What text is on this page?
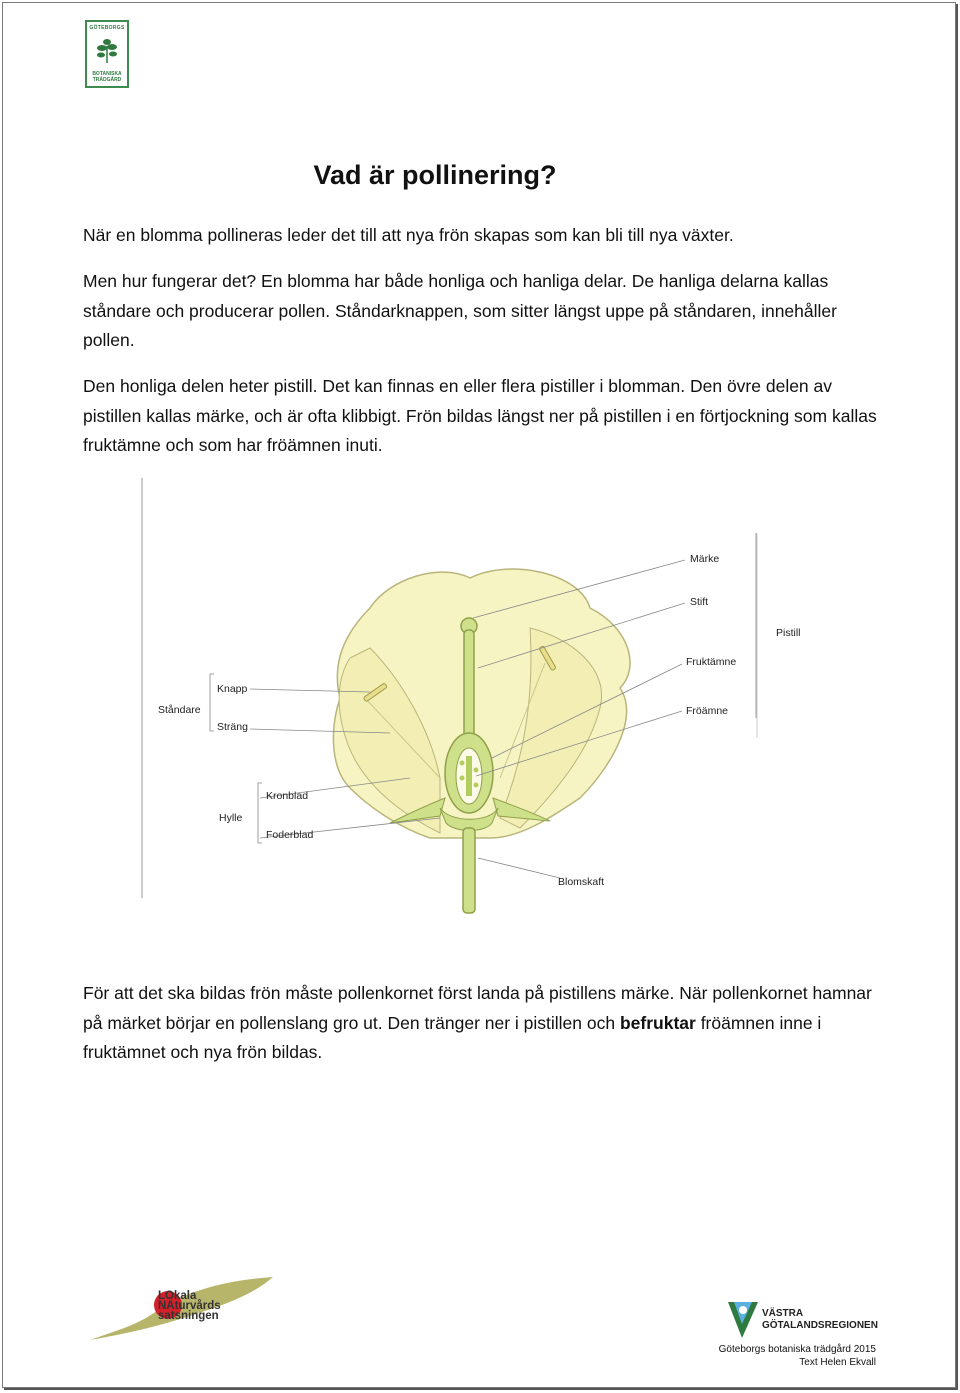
GÖTEBORGS
BOTANISKA TRÄDGÅRD
Vad är pollinering?

När en blomma pollineras leder det till att nya frön skapas som kan bli till nya växter.

Men hur fungerar det? En blomma har både honliga och hanliga delar. De hanliga delarna kallas ståndare och producerar pollen. Ståndarknappen, som sitter längst uppe på ståndaren, innehåller pollen.

Den honliga delen heter pistill. Det kan finnas en eller flera pistiller i blomman. Den övre delen av pistillen kallas märke, och är ofta klibbigt. Frön bildas längst ner på pistillen i en förtjockning som kallas fruktämne och som har fröämnen inuti.

Märke
Stift
Pistill
Fruktämne
Fröämne
Knapp
Ståndare
Sträng
Kronblad
Hylle
Foderblad
Blomskaft

För att det ska bildas frön måste pollenkornet först landa på pistillens märke. När pollenkornet hamnar på märket börjar en pollenslang gro ut. Den tränger ner i pistillen och befruktar fröämnen inne i fruktämnet och nya frön bildas.

LOkala
NAturvårds
satsningen	VÄSTRA
GÖTALANDSREGIONEN
Göteborgs botaniska trädgård 2015
Text Helen Ekvall
